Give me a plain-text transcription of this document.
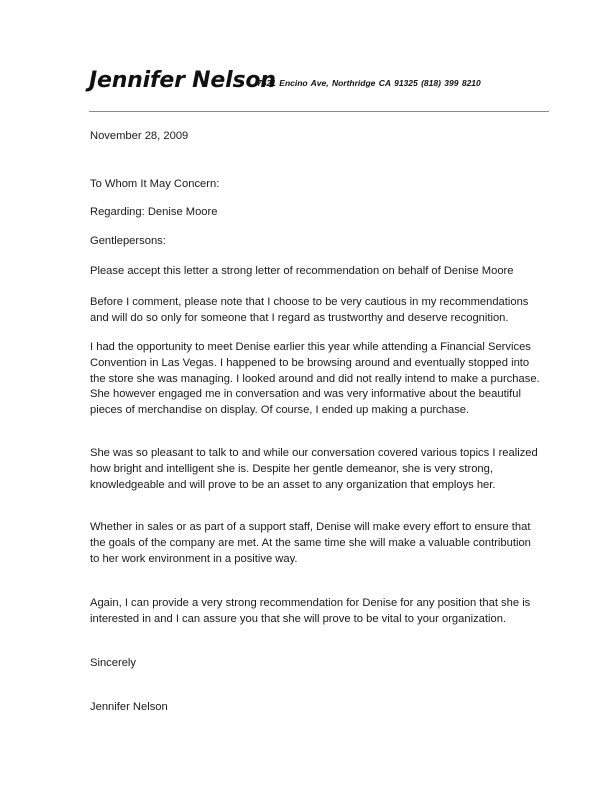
Jennifer Nelson
7621 Encino Ave, Northridge CA 91325 (818) 399 8210

November 28, 2009

To Whom It May Concern:

Regarding: Denise Moore

Gentlepersons:

Please accept this letter a strong letter of recommendation on behalf of Denise Moore

Before I comment, please note that I choose to be very cautious in my recommendations and will do so only for someone that I regard as trustworthy and deserve recognition.

I had the opportunity to meet Denise earlier this year while attending a Financial Services Convention in Las Vegas. I happened to be browsing around and eventually stopped into the store she was managing. I looked around and did not really intend to make a purchase. She however engaged me in conversation and was very informative about the beautiful pieces of merchandise on display. Of course, I ended up making a purchase.

She was so pleasant to talk to and while our conversation covered various topics I realized how bright and intelligent she is. Despite her gentle demeanor, she is very strong, knowledgeable and will prove to be an asset to any organization that employs her.

Whether in sales or as part of a support staff, Denise will make every effort to ensure that the goals of the company are met. At the same time she will make a valuable contribution to her work environment in a positive way.

Again, I can provide a very strong recommendation for Denise for any position that she is interested in and I can assure you that she will prove to be vital to your organization.

Sincerely

Jennifer Nelson
